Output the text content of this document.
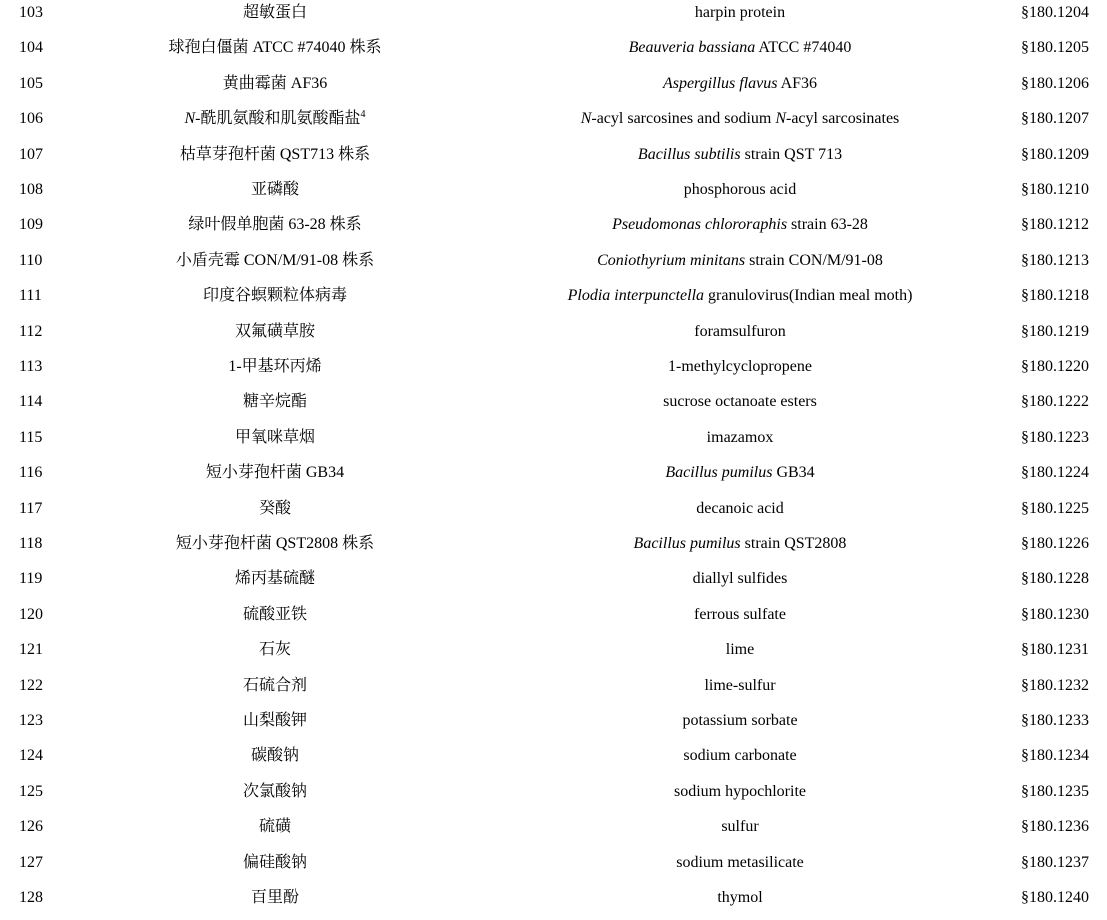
103	超敏蛋白	harpin protein	§180.1204
104	球孢白僵菌 ATCC #74040 株系	Beauveria bassiana ATCC #74040	§180.1205
105	黄曲霉菌 AF36	Aspergillus flavus AF36	§180.1206
106	N-酰肌氨酸和肌氨酸酯盐$^4$	N-acyl sarcosines and sodium N-acyl sarcosinates	§180.1207
107	枯草芽孢杆菌 QST713 株系	Bacillus subtilis strain QST 713	§180.1209
108	亚磷酸	phosphorous acid	§180.1210
109	绿叶假单胞菌 63-28 株系	Pseudomonas chlororaphis strain 63-28	§180.1212
110	小盾壳霉 CON/M/91-08 株系	Coniothyrium minitans strain CON/M/91-08	§180.1213
111	印度谷螟颗粒体病毒	Plodia interpunctella granulovirus(Indian meal moth)	§180.1218
112	双氟磺草胺	foramsulfuron	§180.1219
113	1-甲基环丙烯	1-methylcyclopropene	§180.1220
114	糖辛烷酯	sucrose octanoate esters	§180.1222
115	甲氧咪草烟	imazamox	§180.1223
116	短小芽孢杆菌 GB34	Bacillus pumilus GB34	§180.1224
117	癸酸	decanoic acid	§180.1225
118	短小芽孢杆菌 QST2808 株系	Bacillus pumilus strain QST2808	§180.1226
119	烯丙基硫醚	diallyl sulfides	§180.1228
120	硫酸亚铁	ferrous sulfate	§180.1230
121	石灰	lime	§180.1231
122	石硫合剂	lime-sulfur	§180.1232
123	山梨酸钾	potassium sorbate	§180.1233
124	碳酸钠	sodium carbonate	§180.1234
125	次氯酸钠	sodium hypochlorite	§180.1235
126	硫磺	sulfur	§180.1236
127	偏硅酸钠	sodium metasilicate	§180.1237
128	百里酚	thymol	§180.1240
